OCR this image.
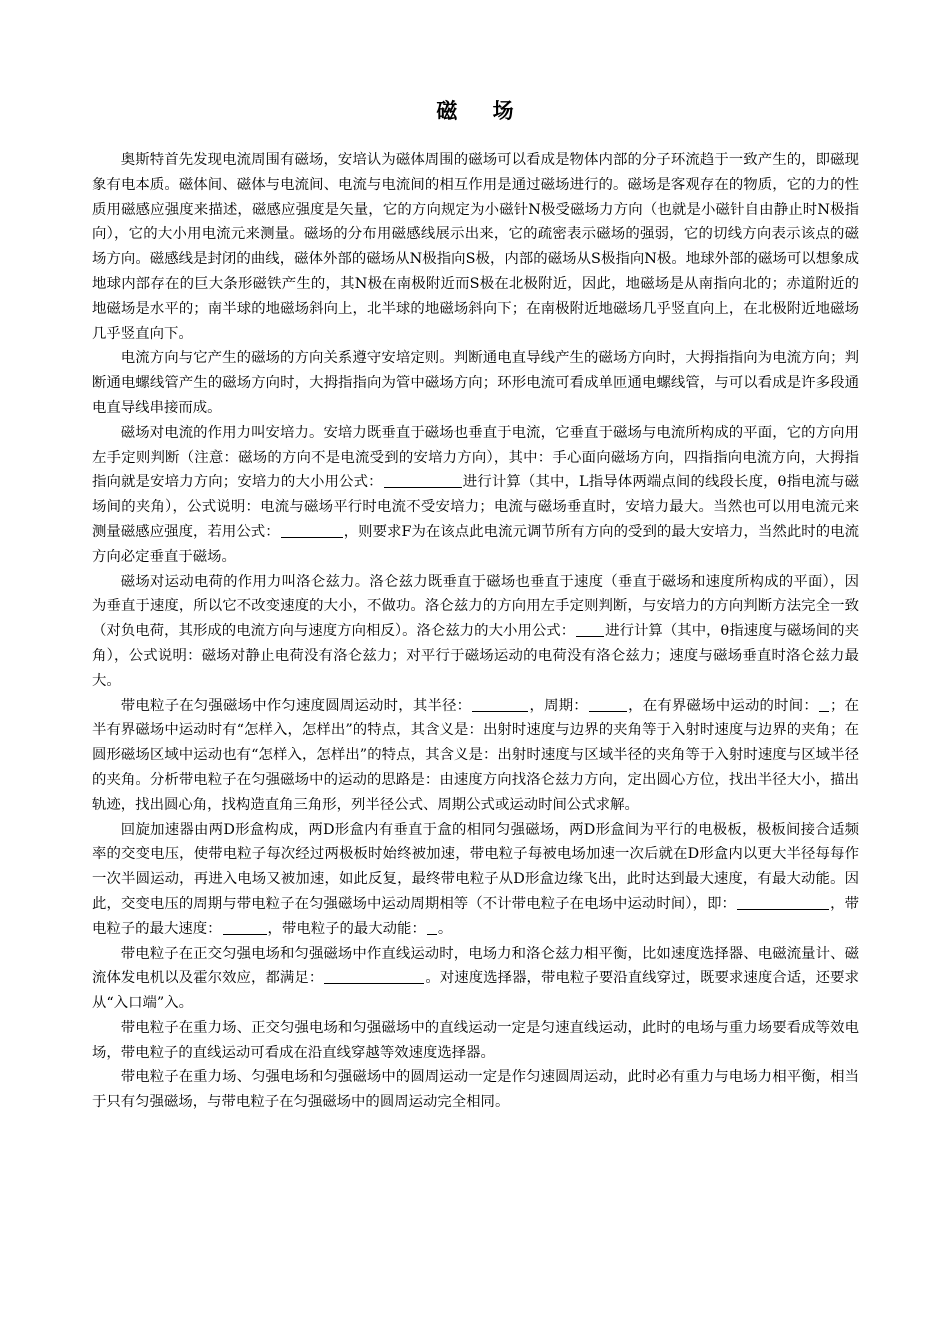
磁 场

奥斯特首先发现电流周围有磁场，安培认为磁体周围的磁场可以看成是物体内部的分子环流趋于一致产生的，即磁现象有电本质。磁体间、磁体与电流间、电流与电流间的相互作用是通过磁场进行的。磁场是客观存在的物质，它的力的性质用磁感应强度来描述，磁感应强度是矢量，它的方向规定为小磁针N极受磁场力方向（也就是小磁针自由静止时N极指向），它的大小用电流元来测量。磁场的分布用磁感线展示出来，它的疏密表示磁场的强弱，它的切线方向表示该点的磁场方向。磁感线是封闭的曲线，磁体外部的磁场从N极指向S极，内部的磁场从S极指向N极。地球外部的磁场可以想象成地球内部存在的巨大条形磁铁产生的，其N极在南极附近而S极在北极附近，因此，地磁场是从南指向北的；赤道附近的地磁场是水平的；南半球的地磁场斜向上，北半球的地磁场斜向下；在南极附近地磁场几乎竖直向上，在北极附近地磁场几乎竖直向下。

电流方向与它产生的磁场的方向关系遵守安培定则。判断通电直导线产生的磁场方向时，大拇指指向为电流方向；判断通电螺线管产生的磁场方向时，大拇指指向为管中磁场方向；环形电流可看成单匝通电螺线管，与可以看成是许多段通电直导线串接而成。

磁场对电流的作用力叫安培力。安培力既垂直于磁场也垂直于电流，它垂直于磁场与电流所构成的平面，它的方向用左手定则判断（注意：磁场的方向不是电流受到的安培力方向），其中：手心面向磁场方向，四指指向电流方向，大拇指指向就是安培力方向；安培力的大小用公式：	进行计算（其中，L指导体两端点间的线段长度，θ指电流与磁场间的夹角），公式说明：电流与磁场平行时电流不受安培力；电流与磁场垂直时，安培力最大。当然也可以用电流元来测量磁感应强度，若用公式：	，则要求F为在该点此电流元调节所有方向的受到的最大安培力，当然此时的电流方向必定垂直于磁场。

磁场对运动电荷的作用力叫洛仑兹力。洛仑兹力既垂直于磁场也垂直于速度（垂直于磁场和速度所构成的平面），因为垂直于速度，所以它不改变速度的大小，不做功。洛仑兹力的方向用左手定则判断，与安培力的方向判断方法完全一致（对负电荷，其形成的电流方向与速度方向相反）。洛仑兹力的大小用公式： 进行计算（其中，θ指速度与磁场间的夹角），公式说明：磁场对静止电荷没有洛仑兹力；对平行于磁场运动的电荷没有洛仑兹力；速度与磁场垂直时洛仑兹力最大。

带电粒子在匀强磁场中作匀速度圆周运动时，其半径：	，周期：	，在有界磁场中运动的时间： ；在半有界磁场中运动时有“怎样入，怎样出”的特点，其含义是：出射时速度与边界的夹角等于入射时速度与边界的夹角；在圆形磁场区域中运动也有“怎样入，怎样出”的特点，其含义是：出射时速度与区域半径的夹角等于入射时速度与区域半径的夹角。分析带电粒子在匀强磁场中的运动的思路是：由速度方向找洛仑兹力方向，定出圆心方位，找出半径大小，描出轨迹，找出圆心角，找构造直角三角形，列半径公式、周期公式或运动时间公式求解。

回旋加速器由两D形盒构成，两D形盒内有垂直于盒的相同匀强磁场，两D形盒间为平行的电极板，极板间接合适频率的交变电压，使带电粒子每次经过两极板时始终被加速，带电粒子每被电场加速一次后就在D形盒内以更大半径每每作一次半圆运动，再进入电场又被加速，如此反复，最终带电粒子从D形盒边缘飞出，此时达到最大速度，有最大动能。因此，交变电压的周期与带电粒子在匀强磁场中运动周期相等（不计带电粒子在电场中运动时间），即：	，带电粒子的最大速度：	，带电粒子的最大动能： 。

带电粒子在正交匀强电场和匀强磁场中作直线运动时，电场力和洛仑兹力相平衡，比如速度选择器、电磁流量计、磁流体发电机以及霍尔效应，都满足：	。对速度选择器，带电粒子要沿直线穿过，既要求速度合适，还要求从“入口端”入。

带电粒子在重力场、正交匀强电场和匀强磁场中的直线运动一定是匀速直线运动，此时的电场与重力场要看成等效电场，带电粒子的直线运动可看成在沿直线穿越等效速度选择器。

带电粒子在重力场、匀强电场和匀强磁场中的圆周运动一定是作匀速圆周运动，此时必有重力与电场力相平衡，相当于只有匀强磁场，与带电粒子在匀强磁场中的圆周运动完全相同。
